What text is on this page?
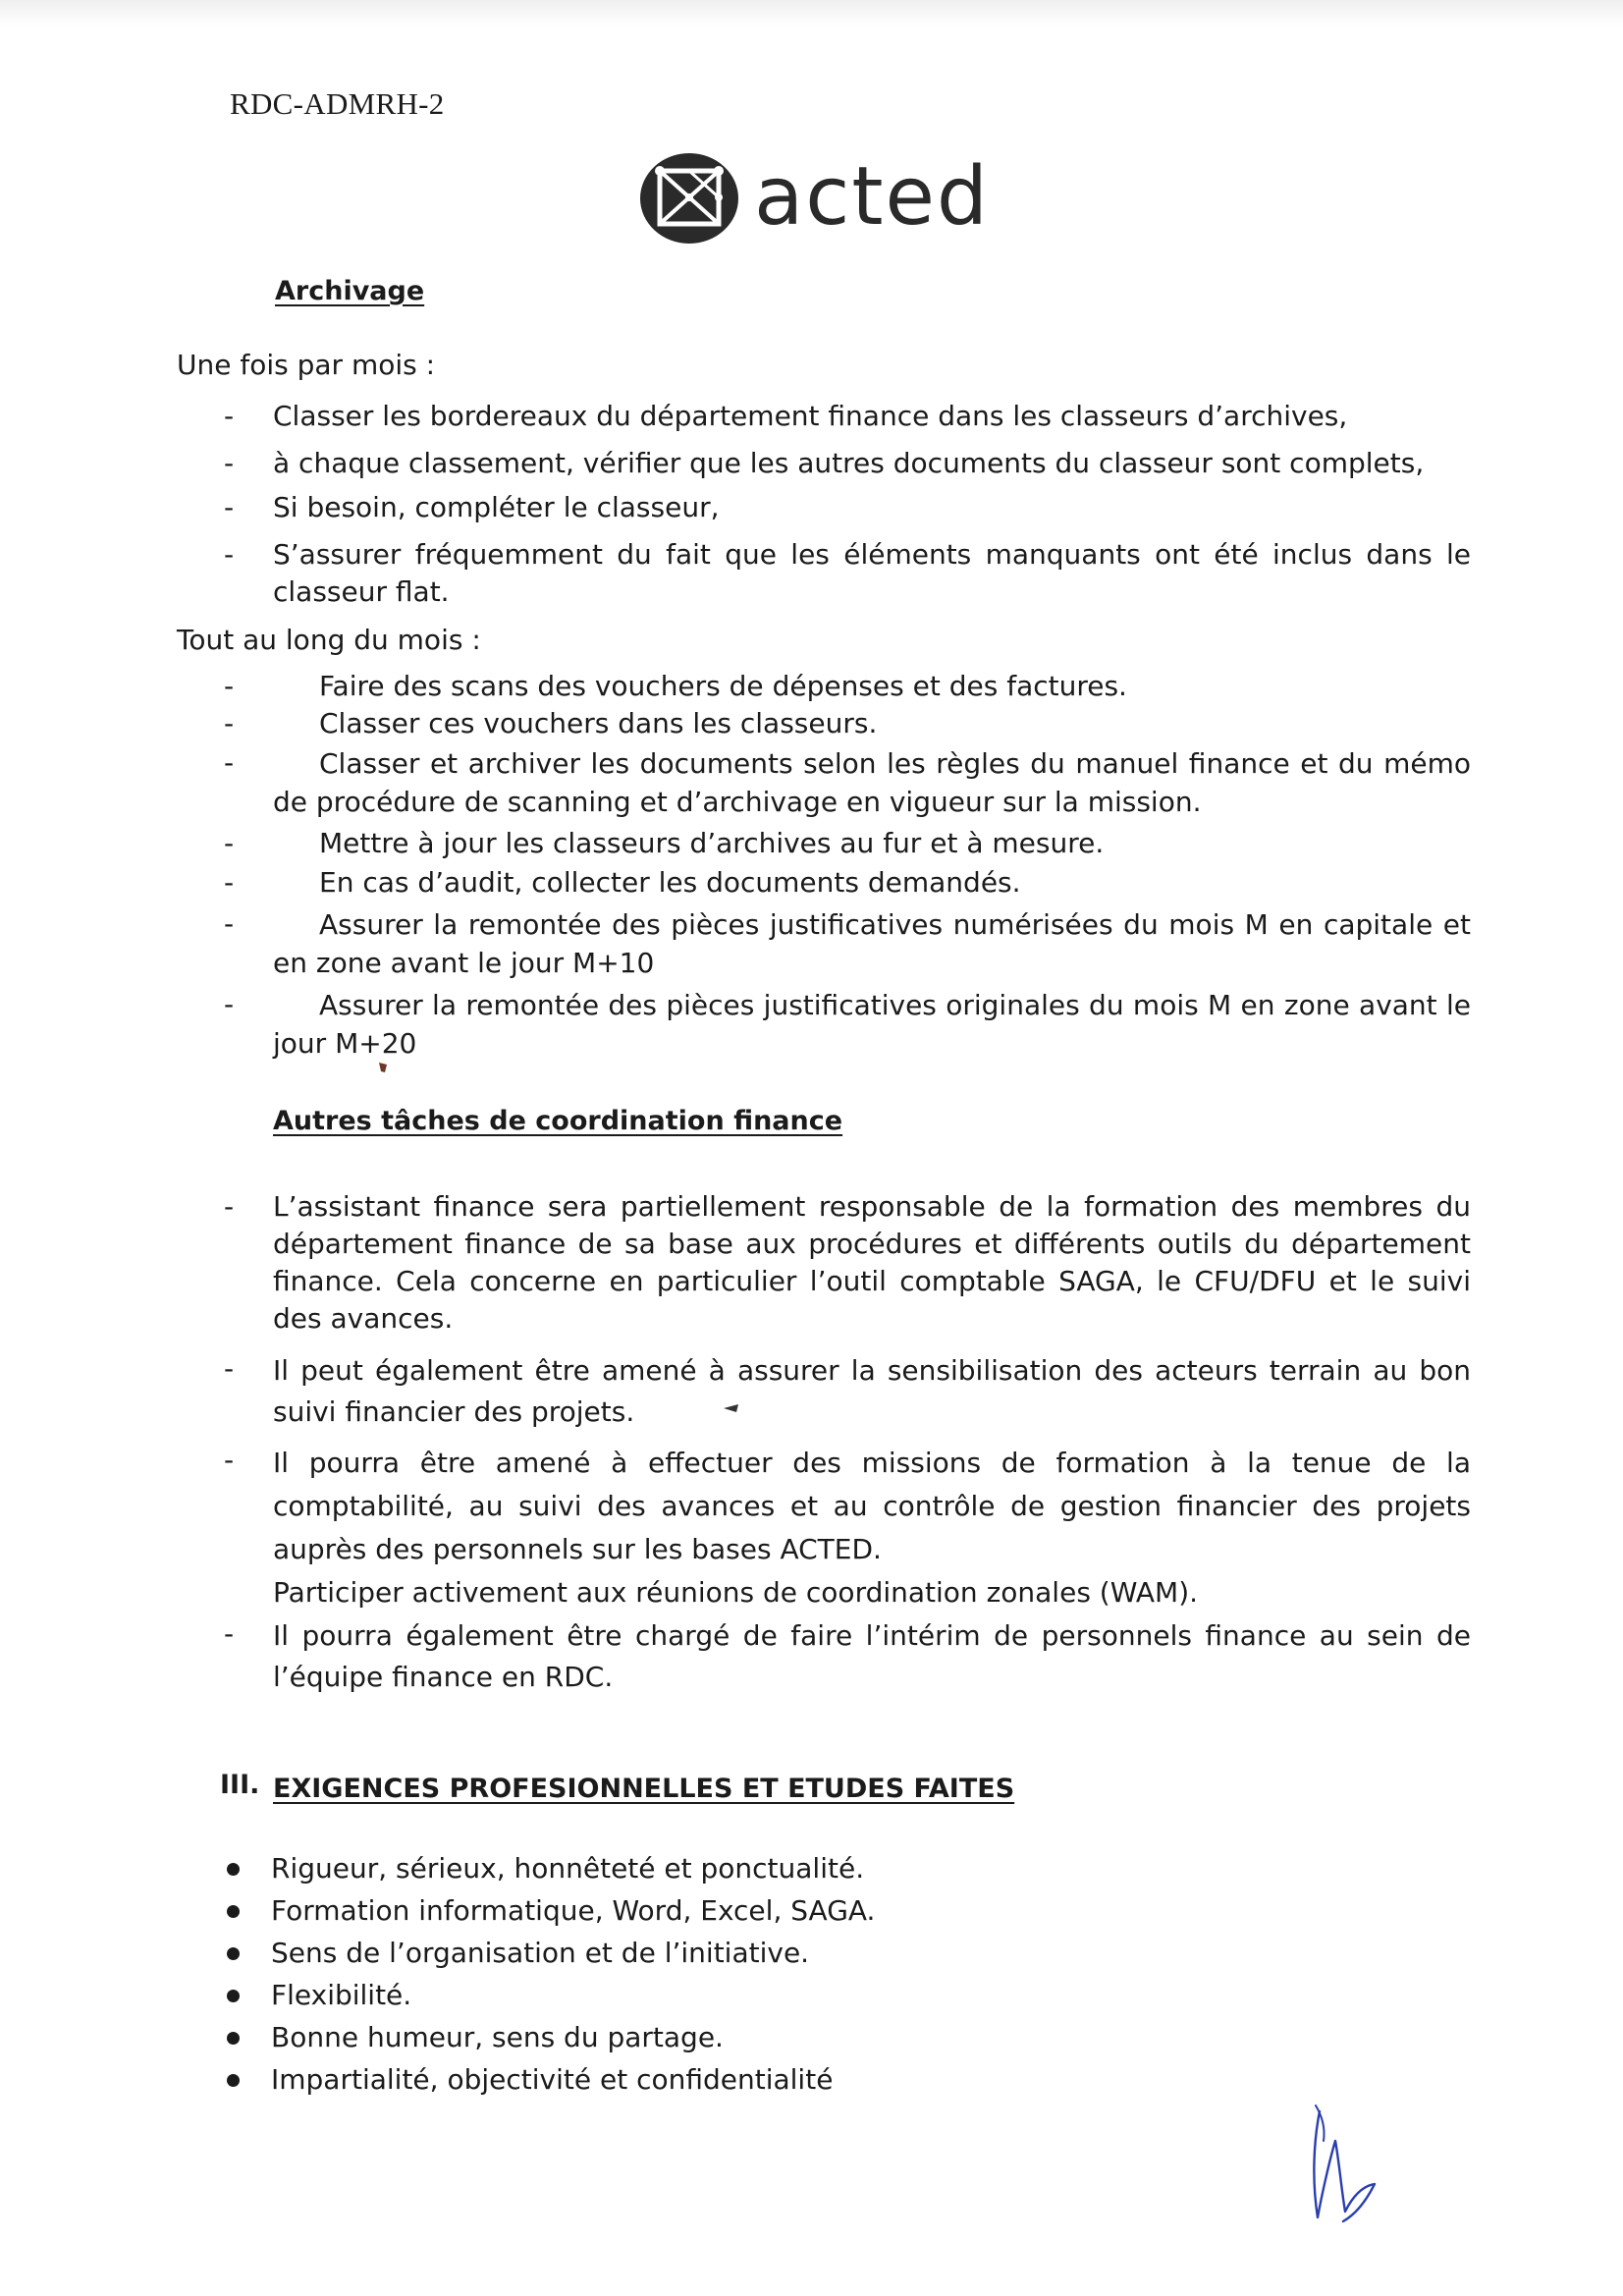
RDC-ADMRH-2
acted
Archivage
Une fois par mois :
- Classer les bordereaux du département finance dans les classeurs d’archives,
- à chaque classement, vérifier que les autres documents du classeur sont complets,
- Si besoin, compléter le classeur,
- S’assurer fréquemment du fait que les éléments manquants ont été inclus dans le classeur flat.
Tout au long du mois :
-	Faire des scans des vouchers de dépenses et des factures.
-	Classer ces vouchers dans les classeurs.
-	Classer et archiver les documents selon les règles du manuel finance et du mémo de procédure de scanning et d’archivage en vigueur sur la mission.
-	Mettre à jour les classeurs d’archives au fur et à mesure.
-	En cas d’audit, collecter les documents demandés.
-	Assurer la remontée des pièces justificatives numérisées du mois M en capitale et en zone avant le jour M+10
-	Assurer la remontée des pièces justificatives originales du mois M en zone avant le jour M+20
Autres tâches de coordination finance
- L’assistant finance sera partiellement responsable de la formation des membres du département finance de sa base aux procédures et différents outils du département finance. Cela concerne en particulier l’outil comptable SAGA, le CFU/DFU et le suivi des avances.
- Il peut également être amené à assurer la sensibilisation des acteurs terrain au bon suivi financier des projets.
- Il pourra être amené à effectuer des missions de formation à la tenue de la comptabilité, au suivi des avances et au contrôle de gestion financier des projets auprès des personnels sur les bases ACTED.
Participer activement aux réunions de coordination zonales (WAM).
- Il pourra également être chargé de faire l’intérim de personnels finance au sein de l’équipe finance en RDC.
III. EXIGENCES PROFESIONNELLES ET ETUDES FAITES
Rigueur, sérieux, honnêteté et ponctualité.
Formation informatique, Word, Excel, SAGA.
Sens de l’organisation et de l’initiative.
Flexibilité.
Bonne humeur, sens du partage.
Impartialité, objectivité et confidentialité
